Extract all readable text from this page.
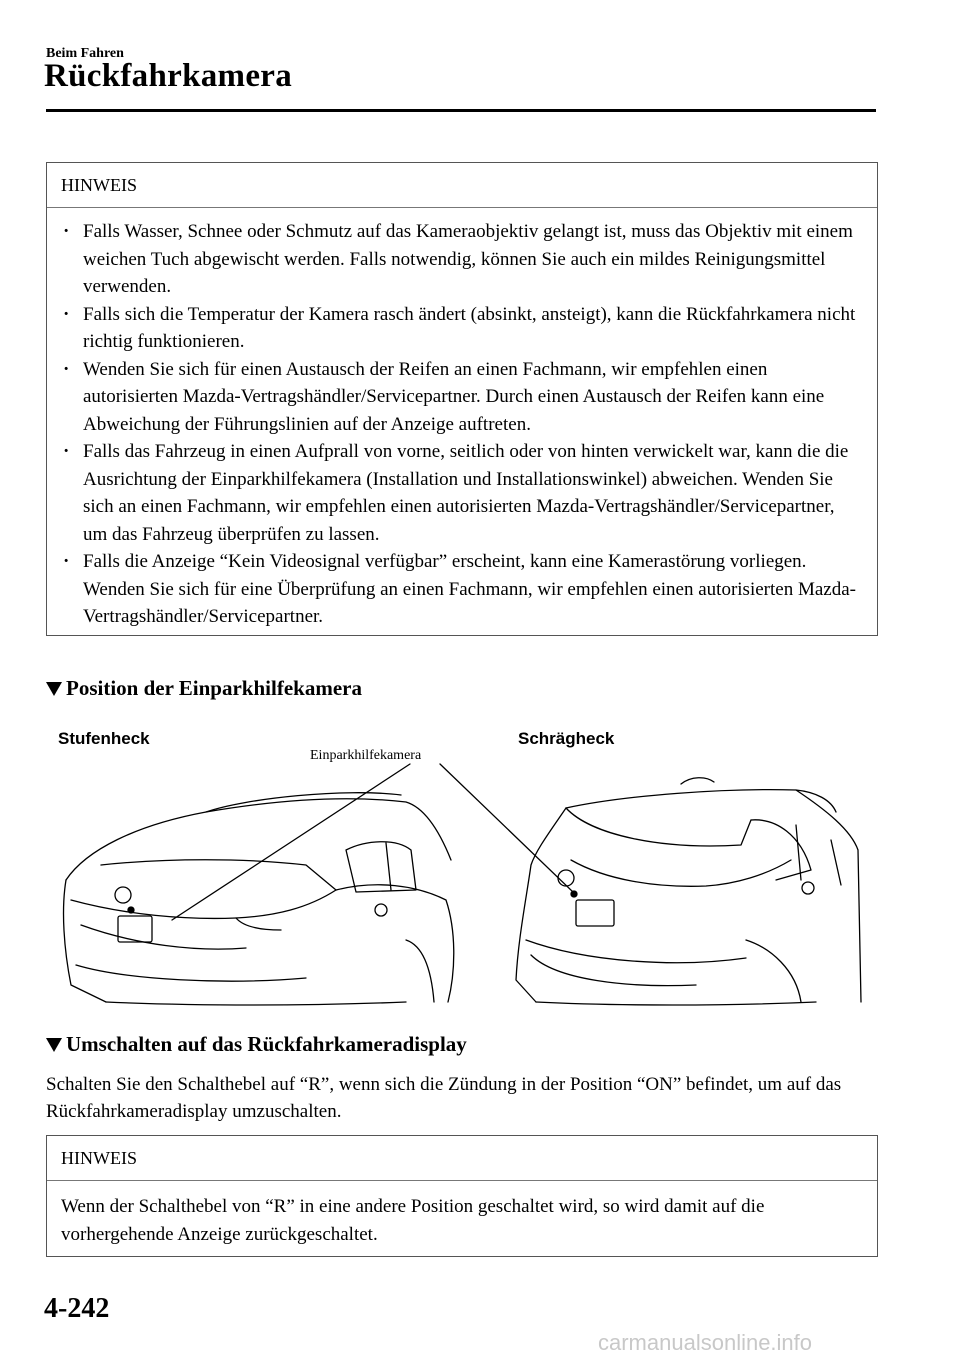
Beim Fahren
Rückfahrkamera
HINWEIS
· Falls Wasser, Schnee oder Schmutz auf das Kameraobjektiv gelangt ist, muss das Objektiv mit einem weichen Tuch abgewischt werden. Falls notwendig, können Sie auch ein mildes Reinigungsmittel verwenden.
· Falls sich die Temperatur der Kamera rasch ändert (absinkt, ansteigt), kann die Rückfahrkamera nicht richtig funktionieren.
· Wenden Sie sich für einen Austausch der Reifen an einen Fachmann, wir empfehlen einen autorisierten Mazda-Vertragshändler/Servicepartner. Durch einen Austausch der Reifen kann eine Abweichung der Führungslinien auf der Anzeige auftreten.
· Falls das Fahrzeug in einen Aufprall von vorne, seitlich oder von hinten verwickelt war, kann die die Ausrichtung der Einparkhilfekamera (Installation und Installationswinkel) abweichen. Wenden Sie sich an einen Fachmann, wir empfehlen einen autorisierten Mazda-Vertragshändler/Servicepartner, um das Fahrzeug überprüfen zu lassen.
· Falls die Anzeige “Kein Videosignal verfügbar” erscheint, kann eine Kamerastörung vorliegen. Wenden Sie sich für eine Überprüfung an einen Fachmann, wir empfehlen einen autorisierten Mazda-Vertragshändler/Servicepartner.
Position der Einparkhilfekamera
Stufenheck	Schrägheck
Einparkhilfekamera
Umschalten auf das Rückfahrkameradisplay
Schalten Sie den Schalthebel auf “R”, wenn sich die Zündung in der Position “ON” befindet, um auf das Rückfahrkameradisplay umzuschalten.
HINWEIS
Wenn der Schalthebel von “R” in eine andere Position geschaltet wird, so wird damit auf die vorhergehende Anzeige zurückgeschaltet.
4-242
carmanualsonline.info
